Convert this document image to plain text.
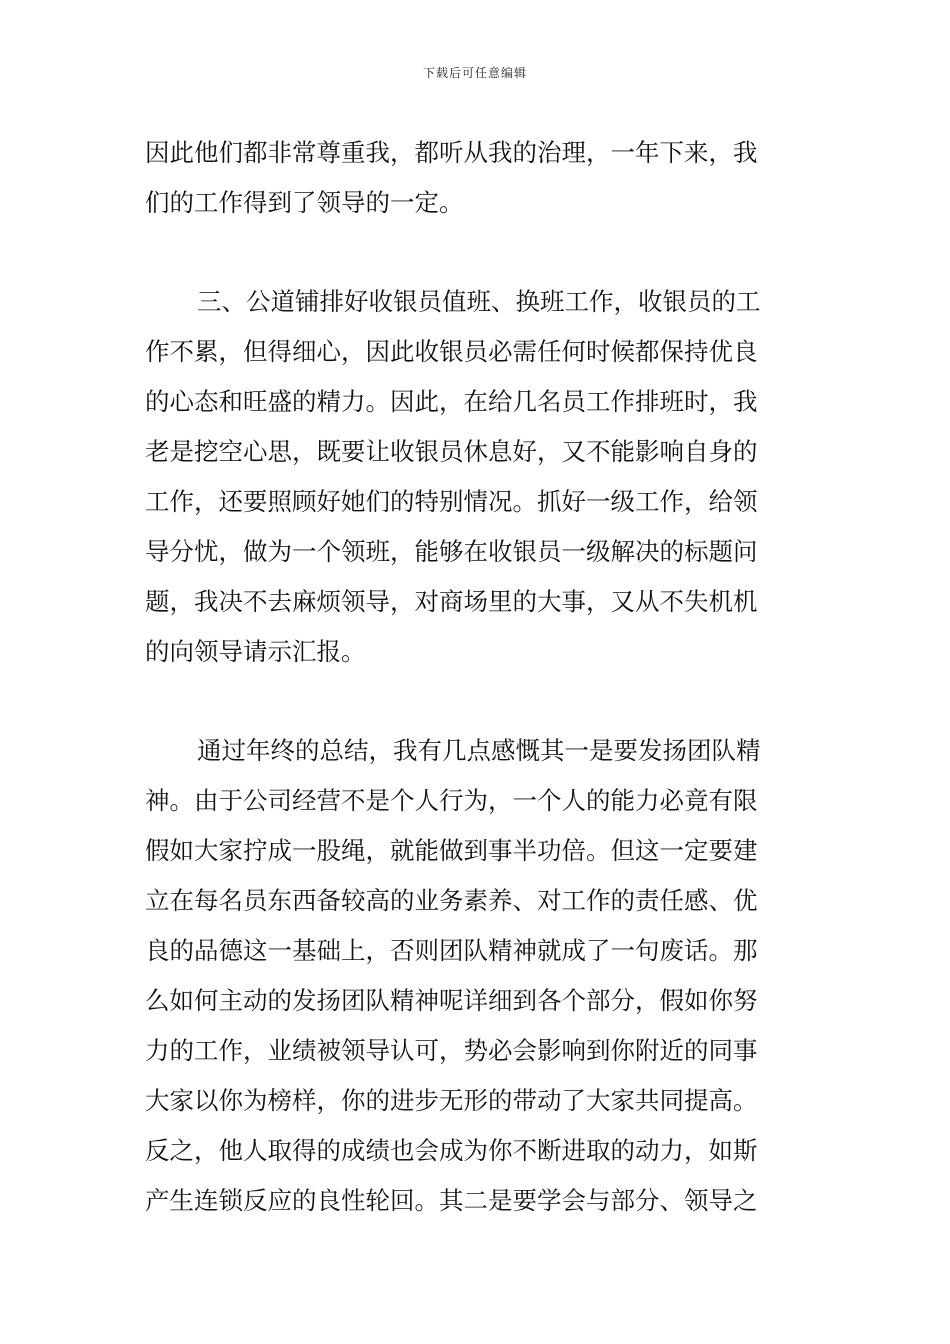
下载后可任意编辑
因此他们都非常尊重我，都听从我的治理，一年下来，我
们的工作得到了领导的一定。
三、公道铺排好收银员值班、换班工作，收银员的工
作不累，但得细心，因此收银员必需任何时候都保持优良
的心态和旺盛的精力。因此，在给几名员工作排班时，我
老是挖空心思，既要让收银员休息好，又不能影响自身的
工作，还要照顾好她们的特别情况。抓好一级工作，给领
导分忧，做为一个领班，能够在收银员一级解决的标题问
题，我决不去麻烦领导，对商场里的大事，又从不失机机
的向领导请示汇报。
通过年终的总结，我有几点感慨其一是要发扬团队精
神。由于公司经营不是个人行为，一个人的能力必竟有限
假如大家拧成一股绳，就能做到事半功倍。但这一定要建
立在每名员东西备较高的业务素养、对工作的责任感、优
良的品德这一基础上，否则团队精神就成了一句废话。那
么如何主动的发扬团队精神呢详细到各个部分，假如你努
力的工作，业绩被领导认可，势必会影响到你附近的同事
大家以你为榜样，你的进步无形的带动了大家共同提高。
反之，他人取得的成绩也会成为你不断进取的动力，如斯
产生连锁反应的良性轮回。其二是要学会与部分、领导之
